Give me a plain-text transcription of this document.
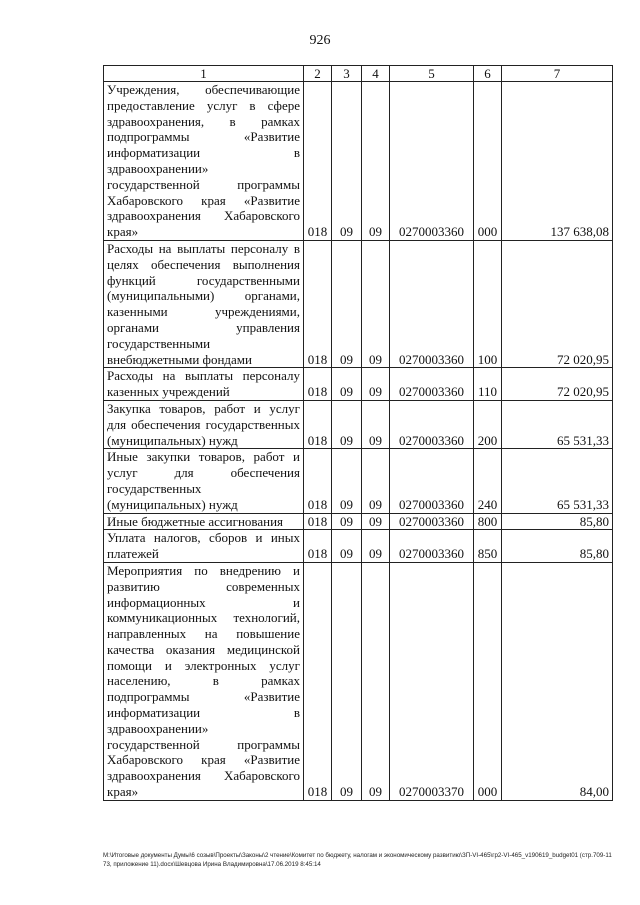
926
1	2	3	4	5	6	7
Учреждения, обеспечивающие предоставление услуг в сфере здравоохранения, в рамках подпрограммы «Развитие информатизации в здравоохранении» государственной программы Хабаровского края «Развитие здравоохранения Хабаровского края»	018	09	09	0270003360	000	137 638,08
Расходы на выплаты персоналу в целях обеспечения выполнения функций государственными (муниципальными) органами, казенными учреждениями, органами управления государственными внебюджетными фондами	018	09	09	0270003360	100	72 020,95
Расходы на выплаты персоналу казенных учреждений	018	09	09	0270003360	110	72 020,95
Закупка товаров, работ и услуг для обеспечения государственных (муниципальных) нужд	018	09	09	0270003360	200	65 531,33
Иные закупки товаров, работ и услуг для обеспечения государственных (муниципальных) нужд	018	09	09	0270003360	240	65 531,33
Иные бюджетные ассигнования	018	09	09	0270003360	800	85,80
Уплата налогов, сборов и иных платежей	018	09	09	0270003360	850	85,80
Мероприятия по внедрению и развитию современных информационных и коммуникационных технологий, направленных на повышение качества оказания медицинской помощи и электронных услуг населению, в рамках подпрограммы «Развитие информатизации в здравоохранении» государственной программы Хабаровского края «Развитие здравоохранения Хабаровского края»	018	09	09	0270003370	000	84,00
M:\Итоговые документы Думы\6 созыв\Проекты\Законы\2 чтение\Комитет по бюджету, налогам и экономическому развитию\ЗП-VI-465\гр2-VI-465_v190619_budget01 (стр.709-1173, приложение 11).docx\Шевцова Ирина Владимировна\17.06.2019 8:45:14
